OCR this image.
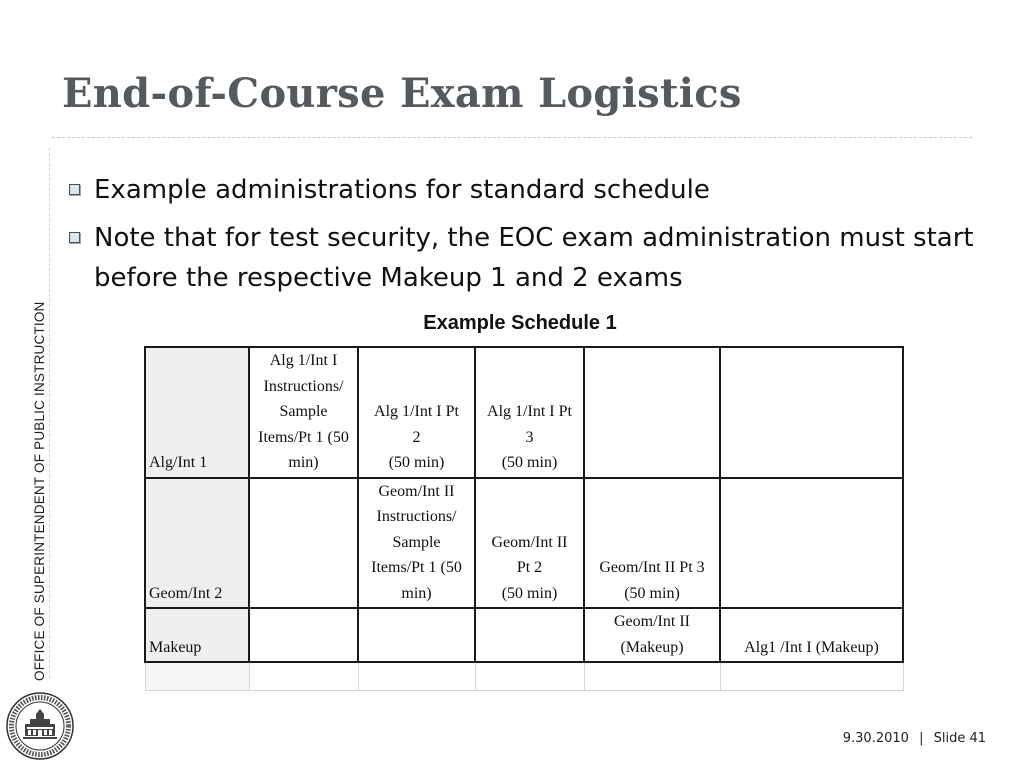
End-of-Course Exam Logistics
OFFICE OF SUPERINTENDENT OF PUBLIC INSTRUCTION
Example administrations for standard schedule
Note that for test security, the EOC exam administration must start before the respective Makeup 1 and 2 exams
Example Schedule 1
Alg/Int 1	Alg 1/Int I
Instructions/
Sample
Items/Pt 1 (50
min)	Alg 1/Int I Pt
2
(50 min)	Alg 1/Int I Pt
3
(50 min)		

Geom/Int 2		Geom/Int II
Instructions/
Sample
Items/Pt 1 (50
min)	Geom/Int II
Pt 2
(50 min)	Geom/Int II Pt 3
(50 min)	

Makeup				Geom/Int II
(Makeup)	Alg1 /Int I (Makeup)

9.30.2010 | Slide 41
